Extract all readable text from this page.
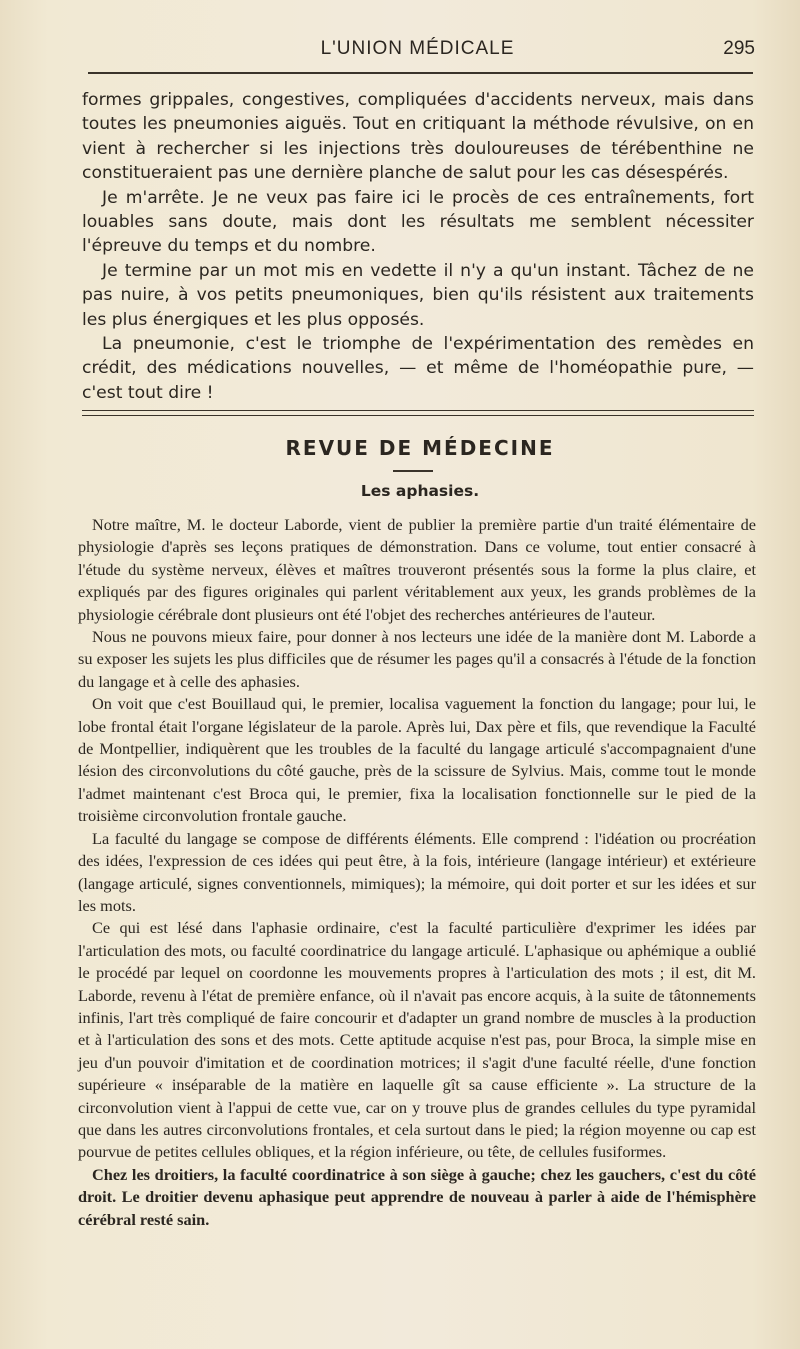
L'UNION MÉDICALE	295

formes grippales, congestives, compliquées d'accidents nerveux, mais dans toutes les pneumonies aiguës. Tout en critiquant la méthode révulsive, on en vient à rechercher si les injections très douloureuses de térébenthine ne constitueraient pas une dernière planche de salut pour les cas désespérés.

Je m'arrête. Je ne veux pas faire ici le procès de ces entraînements, fort louables sans doute, mais dont les résultats me semblent nécessiter l'épreuve du temps et du nombre.

Je termine par un mot mis en vedette il n'y a qu'un instant. Tâchez de ne pas nuire, à vos petits pneumoniques, bien qu'ils résistent aux traitements les plus énergiques et les plus opposés.

La pneumonie, c'est le triomphe de l'expérimentation des remèdes en crédit, des médications nouvelles, — et même de l'homéopathie pure, — c'est tout dire !

REVUE DE MÉDECINE
Les aphasies.

Notre maître, M. le docteur Laborde, vient de publier la première partie d'un traité élémentaire de physiologie d'après ses leçons pratiques de démonstration. Dans ce volume, tout entier consacré à l'étude du système nerveux, élèves et maîtres trouveront présentés sous la forme la plus claire, et expliqués par des figures originales qui parlent véritablement aux yeux, les grands problèmes de la physiologie cérébrale dont plusieurs ont été l'objet des recherches antérieures de l'auteur.

Nous ne pouvons mieux faire, pour donner à nos lecteurs une idée de la manière dont M. Laborde a su exposer les sujets les plus difficiles que de résumer les pages qu'il a consacrés à l'étude de la fonction du langage et à celle des aphasies.

On voit que c'est Bouillaud qui, le premier, localisa vaguement la fonction du langage; pour lui, le lobe frontal était l'organe législateur de la parole. Après lui, Dax père et fils, que revendique la Faculté de Montpellier, indiquèrent que les troubles de la faculté du langage articulé s'accompagnaient d'une lésion des circonvolutions du côté gauche, près de la scissure de Sylvius. Mais, comme tout le monde l'admet maintenant c'est Broca qui, le premier, fixa la localisation fonctionnelle sur le pied de la troisième circonvolution frontale gauche.

La faculté du langage se compose de différents éléments. Elle comprend : l'idéation ou procréation des idées, l'expression de ces idées qui peut être, à la fois, intérieure (langage intérieur) et extérieure (langage articulé, signes conventionnels, mimiques); la mémoire, qui doit porter et sur les idées et sur les mots.

Ce qui est lésé dans l'aphasie ordinaire, c'est la faculté particulière d'exprimer les idées par l'articulation des mots, ou faculté coordinatrice du langage articulé. L'aphasique ou aphémique a oublié le procédé par lequel on coordonne les mouvements propres à l'articulation des mots ; il est, dit M. Laborde, revenu à l'état de première enfance, où il n'avait pas encore acquis, à la suite de tâtonnements infinis, l'art très compliqué de faire concourir et d'adapter un grand nombre de muscles à la production et à l'articulation des sons et des mots. Cette aptitude acquise n'est pas, pour Broca, la simple mise en jeu d'un pouvoir d'imitation et de coordination motrices; il s'agit d'une faculté réelle, d'une fonction supérieure « inséparable de la matière en laquelle gît sa cause efficiente ». La structure de la circonvolution vient à l'appui de cette vue, car on y trouve plus de grandes cellules du type pyramidal que dans les autres circonvolutions frontales, et cela surtout dans le pied; la région moyenne ou cap est pourvue de petites cellules obliques, et la région inférieure, ou tête, de cellules fusiformes.

Chez les droitiers, la faculté coordinatrice à son siège à gauche; chez les gauchers, c'est du côté droit. Le droitier devenu aphasique peut apprendre de nouveau à parler à aide de l'hémisphère cérébral resté sain.
